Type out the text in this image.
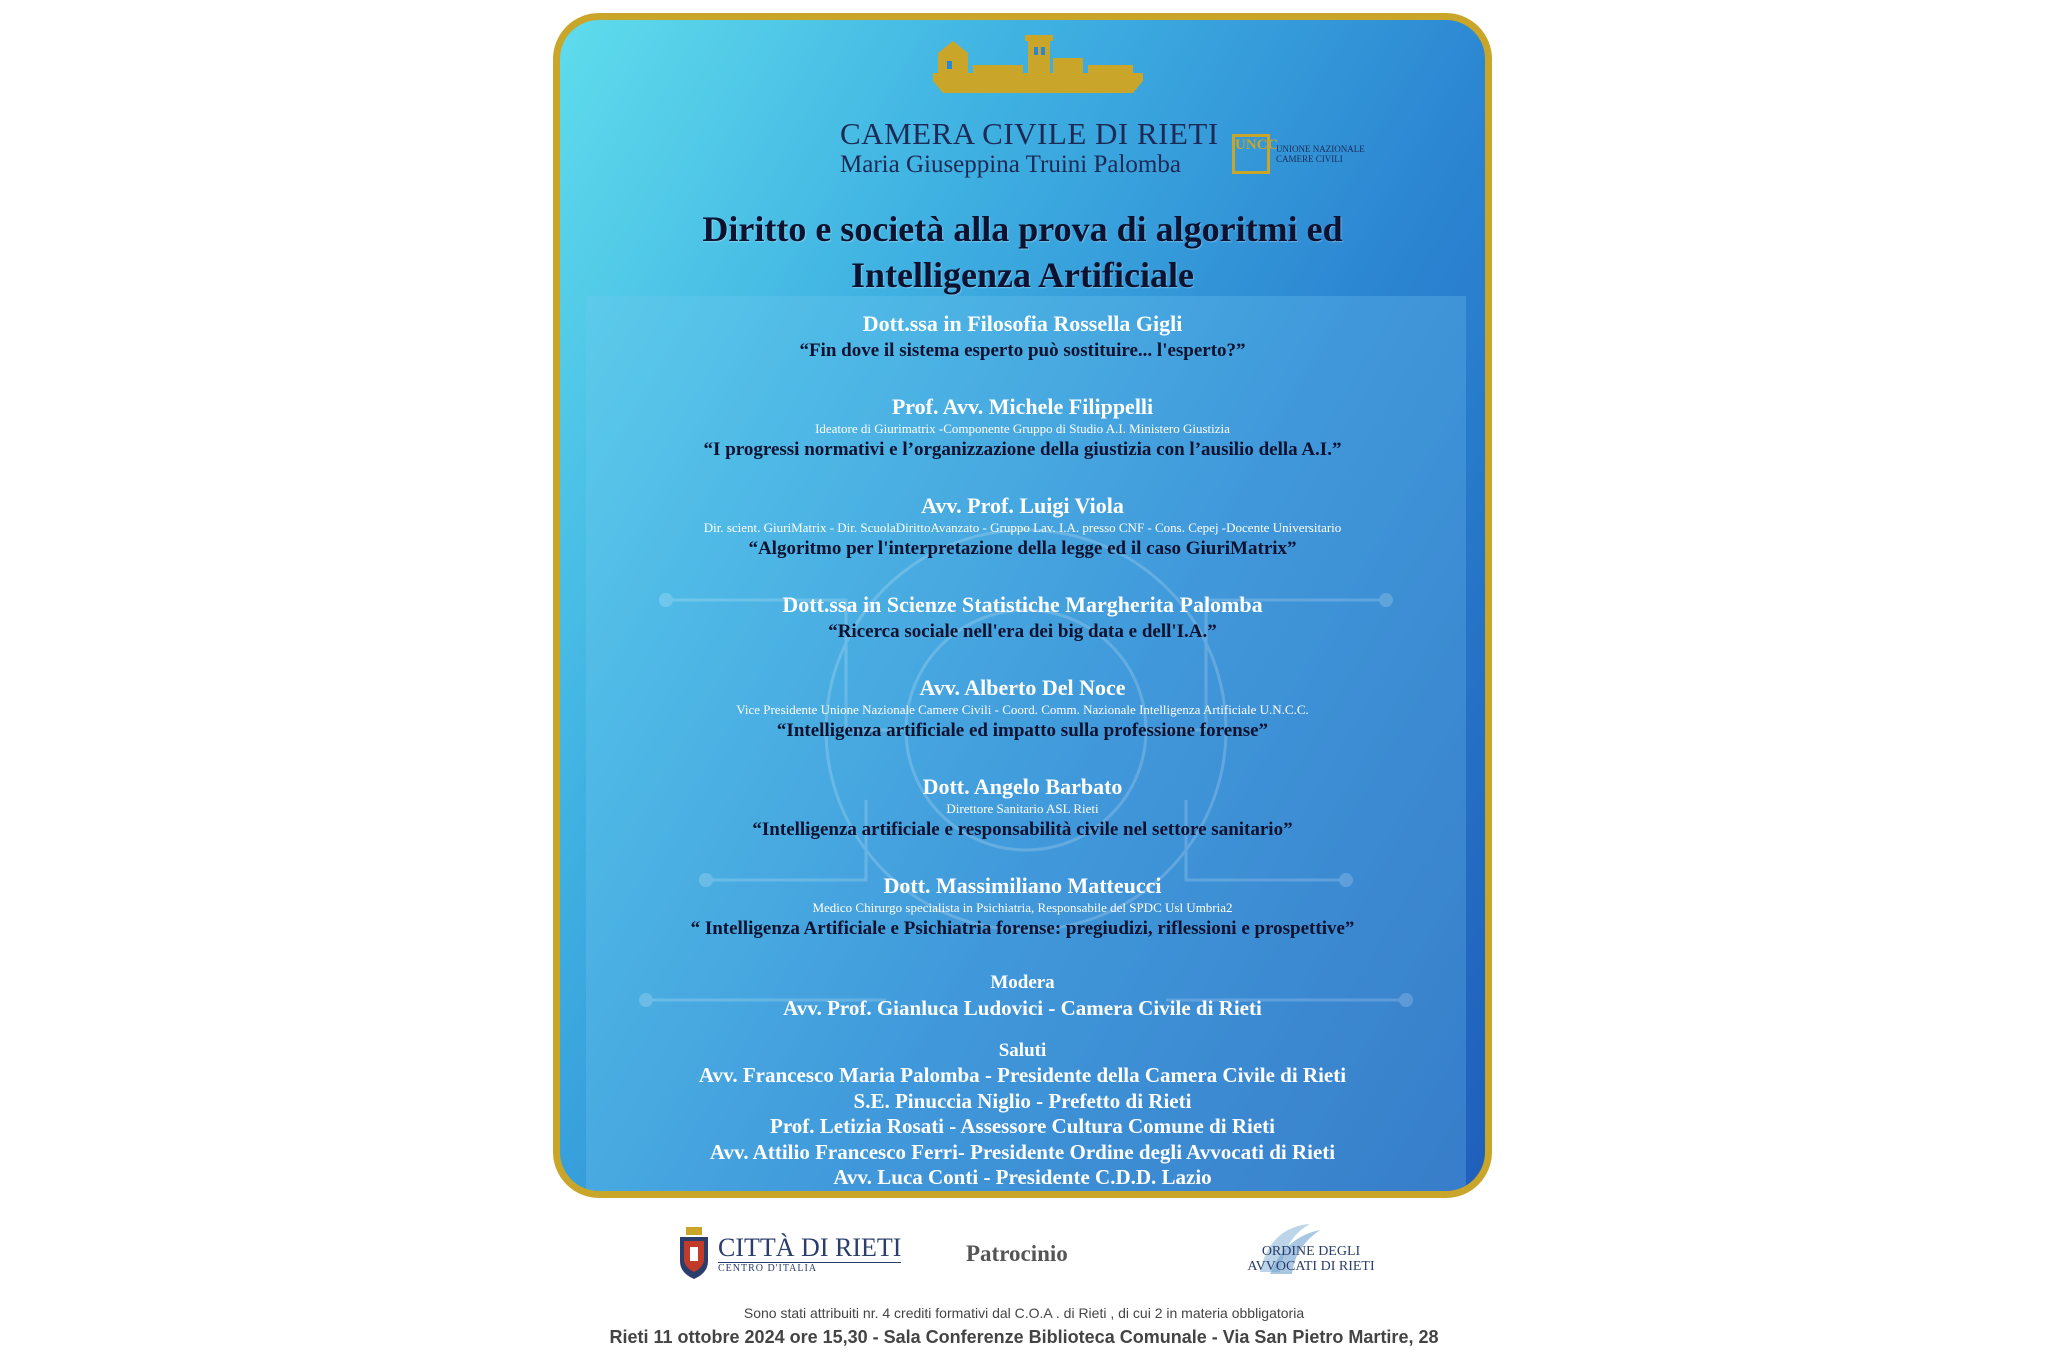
CAMERA CIVILE DI RIETI
Maria Giuseppina Truini Palomba
UNCC
UNIONE NAZIONALE CAMERE CIVILI
Diritto e società alla prova di algoritmi ed
Intelligenza Artificiale
Dott.ssa in Filosofia Rossella Gigli
“Fin dove il sistema esperto può sostituire... l'esperto?”
Prof. Avv. Michele Filippelli
Ideatore di Giurimatrix -Componente Gruppo di Studio A.I. Ministero Giustizia
“I progressi normativi e l’organizzazione della giustizia con l’ausilio della A.I.”
Avv. Prof. Luigi Viola
Dir. scient. GiuriMatrix - Dir. ScuolaDirittoAvanzato - Gruppo Lav. I.A. presso CNF - Cons. Cepej -Docente Universitario
“Algoritmo per l'interpretazione della legge ed il caso GiuriMatrix”
Dott.ssa in Scienze Statistiche Margherita Palomba
“Ricerca sociale nell'era dei big data e dell'I.A.”
Avv. Alberto Del Noce
Vice Presidente Unione Nazionale Camere Civili - Coord. Comm. Nazionale Intelligenza Artificiale U.N.C.C.
“Intelligenza artificiale ed impatto sulla professione forense”
Dott. Angelo Barbato
Direttore Sanitario ASL Rieti
“Intelligenza artificiale e responsabilità civile nel settore sanitario”
Dott. Massimiliano Matteucci
Medico Chirurgo specialista in Psichiatria, Responsabile del SPDC Usl Umbria2
“ Intelligenza Artificiale e Psichiatria forense: pregiudizi, riflessioni e prospettive”
Modera
Avv. Prof. Gianluca Ludovici - Camera Civile di Rieti
Saluti
Avv. Francesco Maria Palomba - Presidente della Camera Civile di Rieti
S.E. Pinuccia Niglio - Prefetto di Rieti
Prof. Letizia Rosati - Assessore Cultura Comune di Rieti
Avv. Attilio Francesco Ferri- Presidente Ordine degli Avvocati di Rieti
Avv. Luca Conti - Presidente C.D.D. Lazio
CITTÀ DI RIETI
CENTRO D'ITALIA
Patrocinio	ORDINE DEGLI
AVVOCATI DI RIETI
Sono stati attribuiti nr. 4 crediti formativi dal C.O.A . di Rieti , di cui 2 in materia obbligatoria
Rieti 11 ottobre 2024 ore 15,30 - Sala Conferenze Biblioteca Comunale - Via San Pietro Martire, 28
